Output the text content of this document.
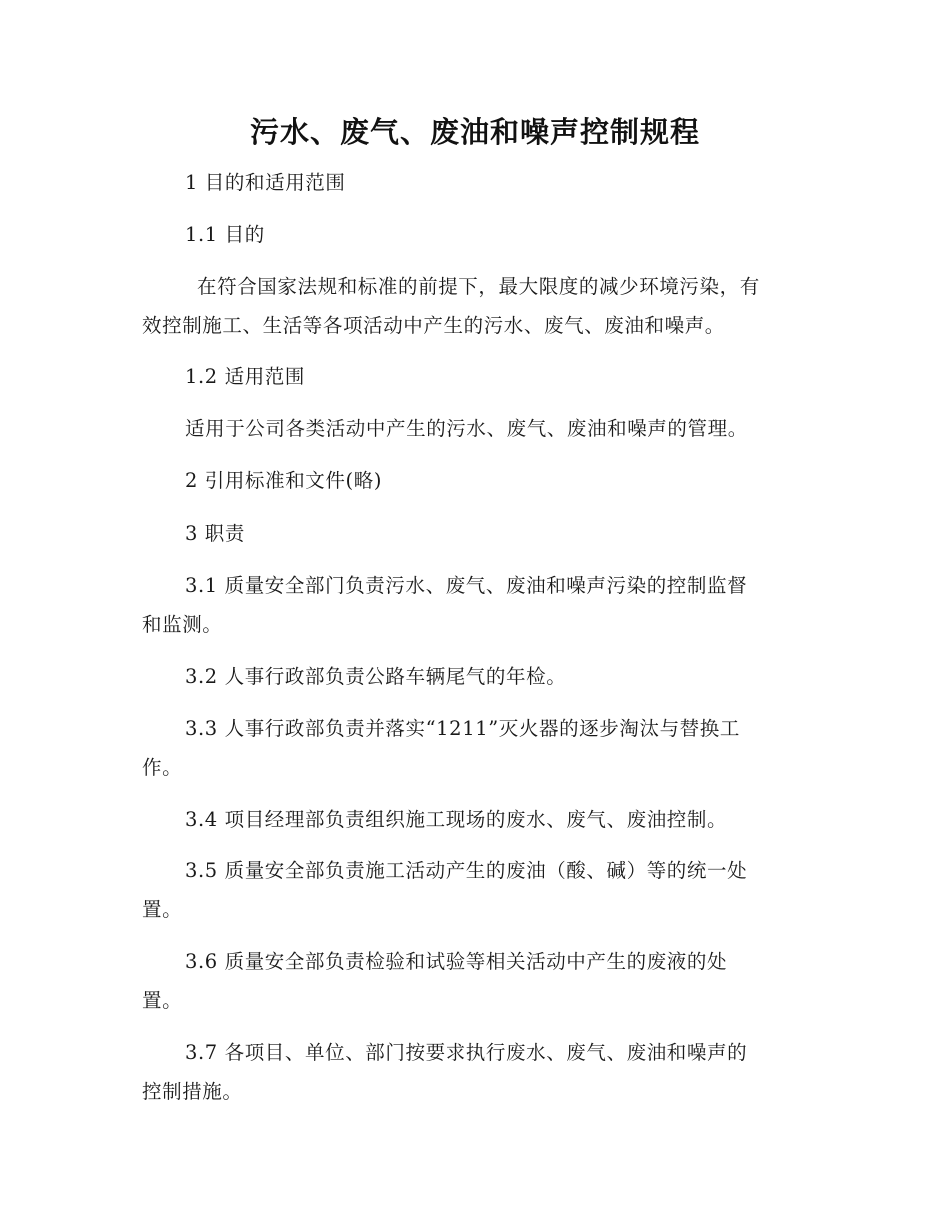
污水、废气、废油和噪声控制规程
1 目的和适用范围
1.1 目的
在符合国家法规和标准的前提下，最大限度的减少环境污染，有
效控制施工、生活等各项活动中产生的污水、废气、废油和噪声。
1.2 适用范围
适用于公司各类活动中产生的污水、废气、废油和噪声的管理。
2 引用标准和文件(略)
3 职责
3.1 质量安全部门负责污水、废气、废油和噪声污染的控制监督
和监测。
3.2 人事行政部负责公路车辆尾气的年检。
3.3 人事行政部负责并落实“1211”灭火器的逐步淘汰与替换工
作。
3.4 项目经理部负责组织施工现场的废水、废气、废油控制。
3.5 质量安全部负责施工活动产生的废油（酸、碱）等的统一处
置。
3.6 质量安全部负责检验和试验等相关活动中产生的废液的处
置。
3.7 各项目、单位、部门按要求执行废水、废气、废油和噪声的
控制措施。
